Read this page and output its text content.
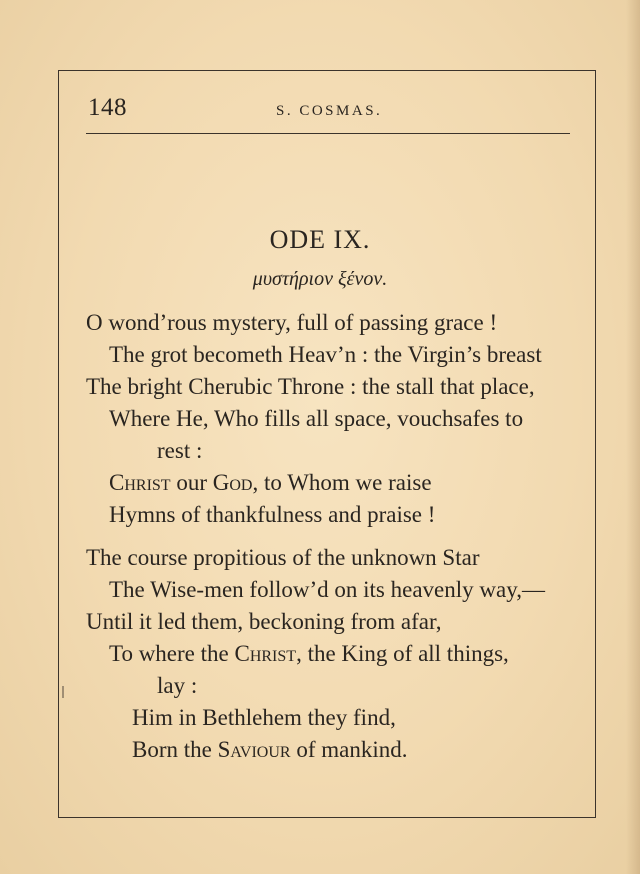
148	S. COSMAS.
ODE IX.
μυστήριον ξένον.
O wond’rous mystery, full of passing grace !
The grot becometh Heav’n : the Virgin’s breast
The bright Cherubic Throne : the stall that place,
Where He, Who fills all space, vouchsafes to
rest :
Christ our God, to Whom we raise
Hymns of thankfulness and praise !
The course propitious of the unknown Star
The Wise-men follow’d on its heavenly way,—
Until it led them, beckoning from afar,
To where the Christ, the King of all things,
lay :
Him in Bethlehem they find,
Born the Saviour of mankind.
